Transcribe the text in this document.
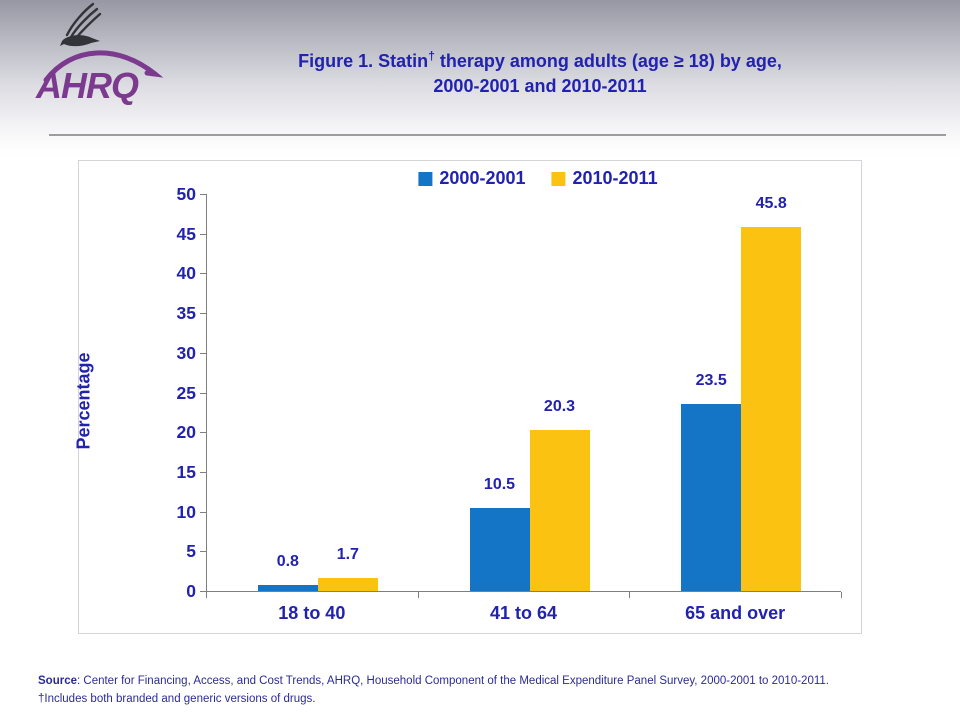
AHRQ
Figure 1. Statin† therapy among adults (age ≥ 18) by age,
2000-2001 and 2010-2011
2000-2001	2010-2011
Percentage
0
5
10
15
20
25
30
35
40
45
50
0.8	1.7
18 to 40
10.5
20.3
41 to 64
23.5
45.8
65 and over
Source: Center for Financing, Access, and Cost Trends, AHRQ, Household Component of the Medical Expenditure Panel Survey, 2000-2001 to 2010-2011.
†Includes both branded and generic versions of drugs.
